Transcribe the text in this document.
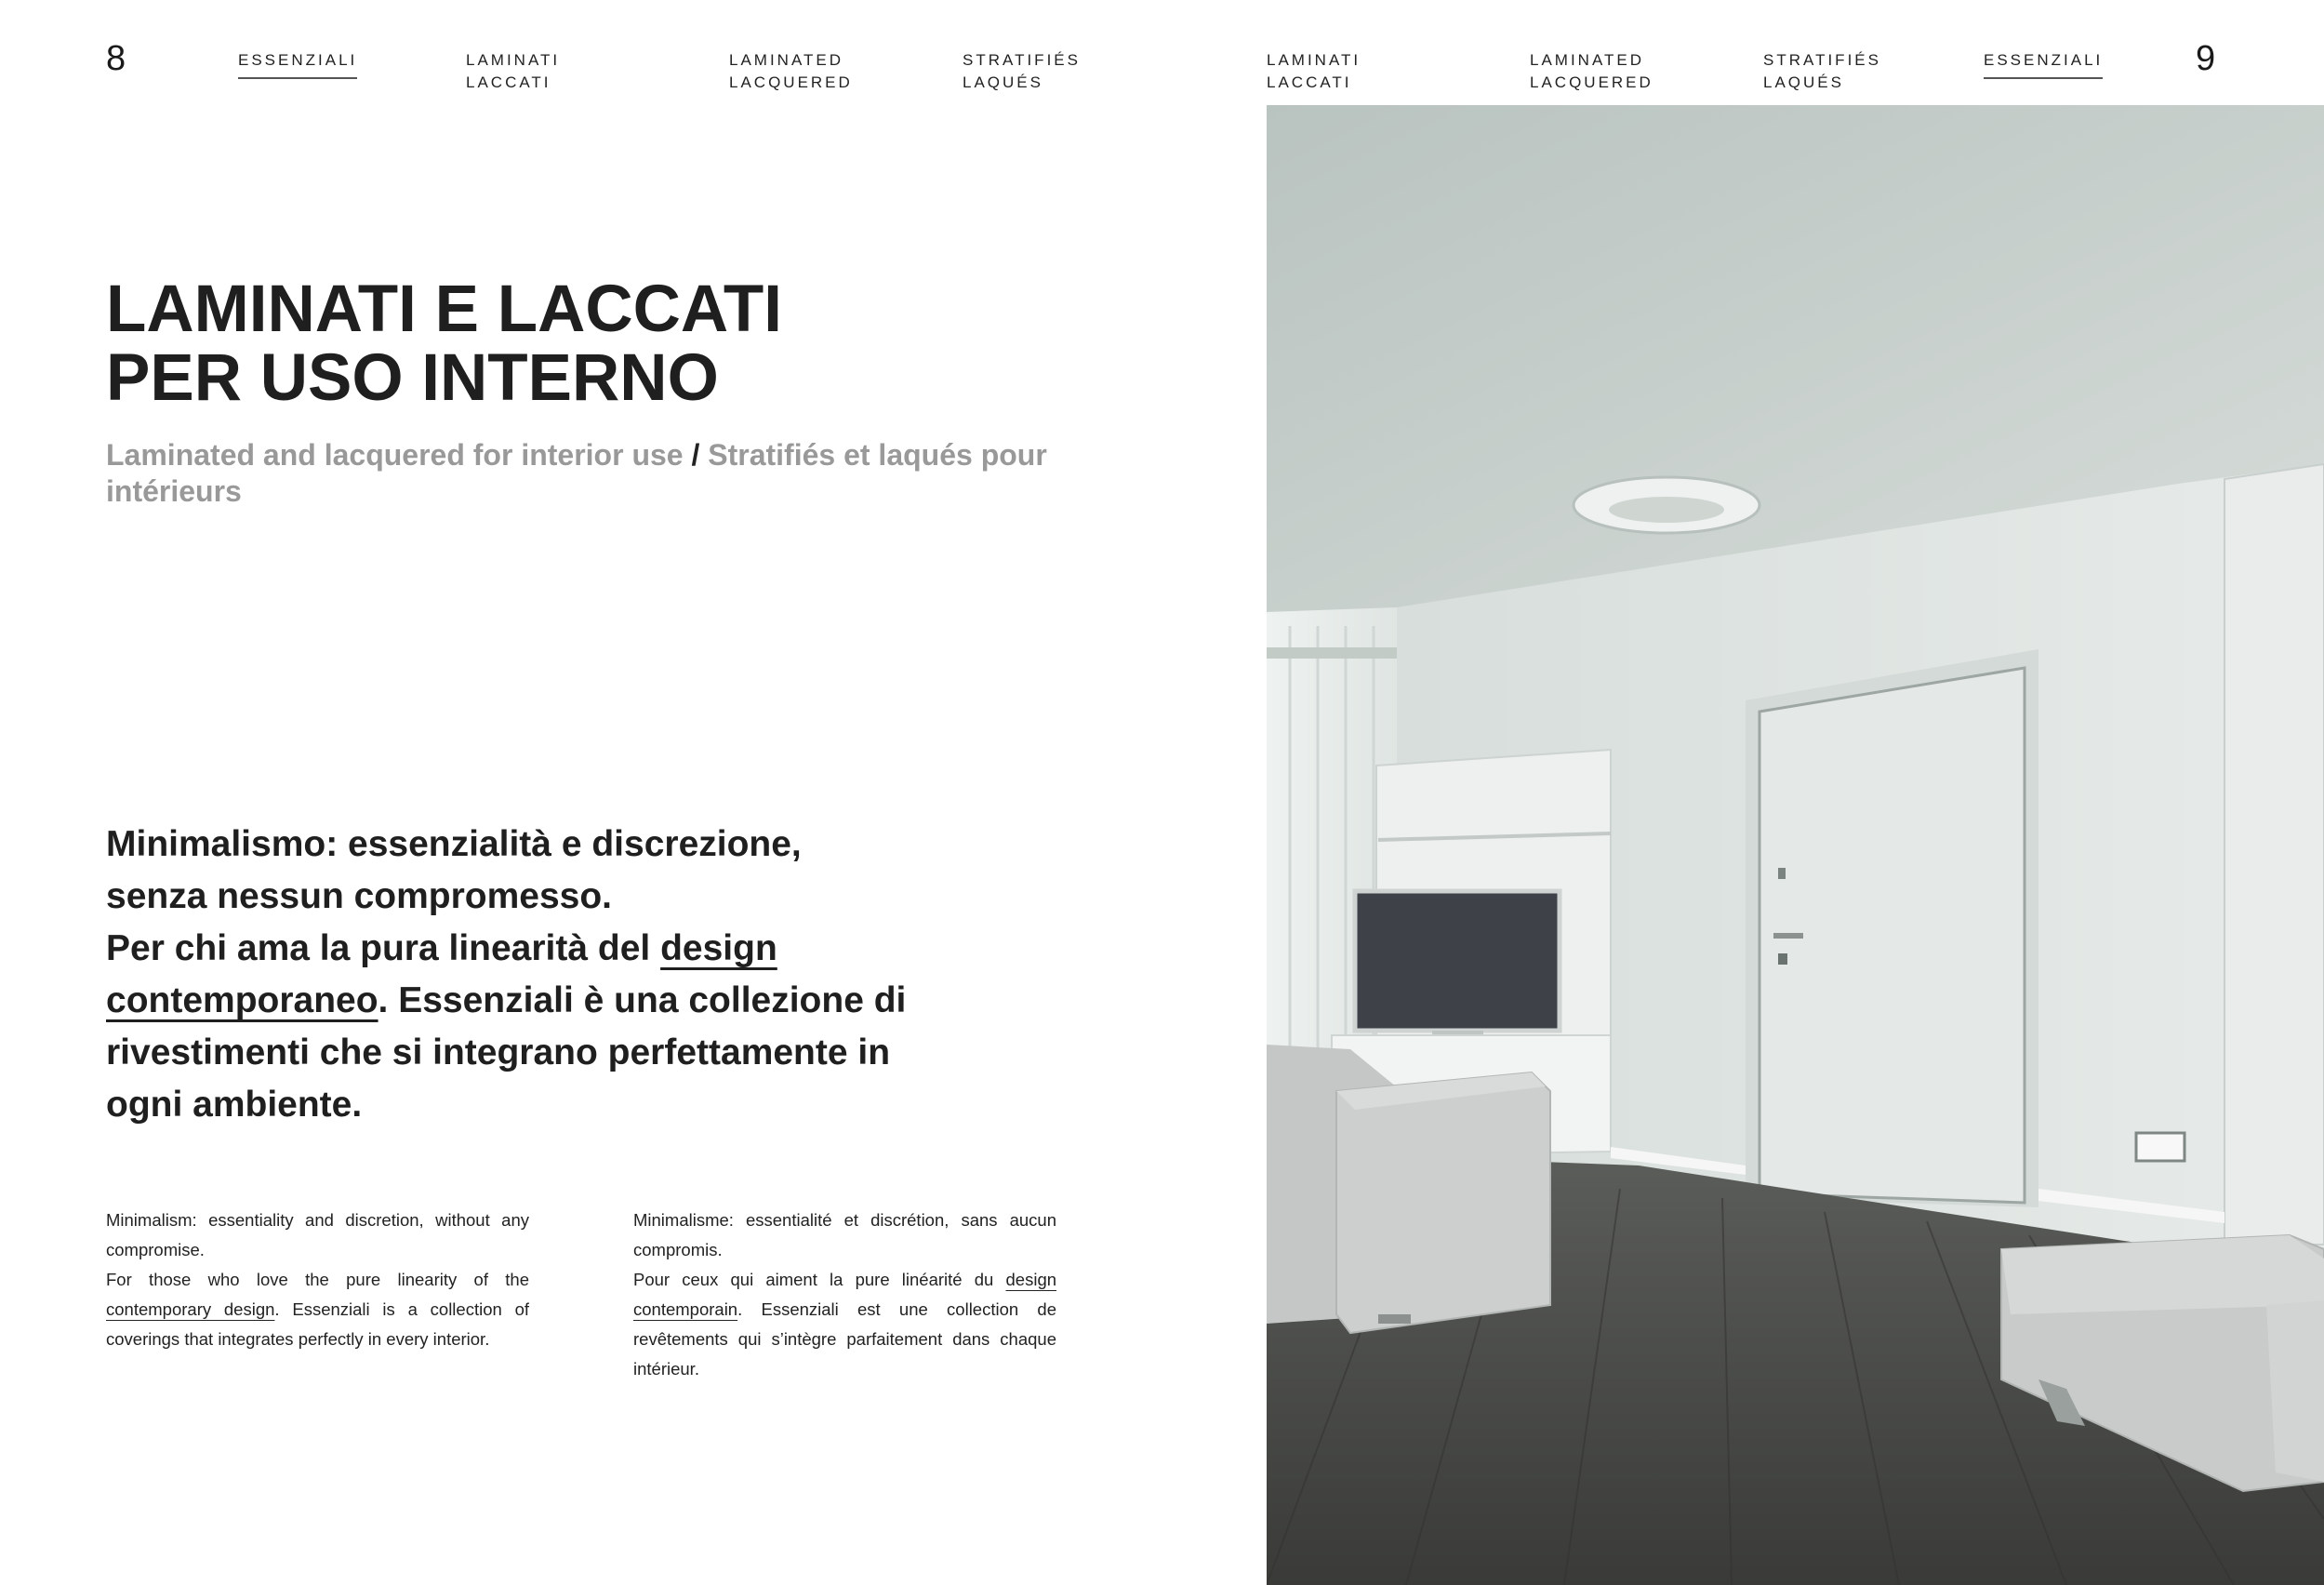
8	ESSENZIALI	LAMINATI
LACCATI
LAMINATED
LACQUERED
STRATIFIÉS
LAQUÉS
LAMINATI E LACCATI
PER USO INTERNO
Laminated and lacquered for interior use / Stratifiés et laqués pour intérieurs
Minimalismo: essenzialità e discrezione,
senza nessun compromesso.
Per chi ama la pura linearità del design contemporaneo. Essenziali è una collezione di rivestimenti che si integrano perfettamente in ogni ambiente.
Minimalism: essentiality and discretion, without any compromise.
For those who love the pure linearity of the contemporary design. Essenziali is a collection of coverings that integrates perfectly in every interior.
Minimalisme: essentialité et discrétion, sans aucun compromis.
Pour ceux qui aiment la pure linéarité du design contemporain. Essenziali est une collection de revêtements qui s’intègre parfaitement dans chaque intérieur.
LAMINATI
LACCATI
LAMINATED
LACQUERED
STRATIFIÉS
LAQUÉS
ESSENZIALI	9
